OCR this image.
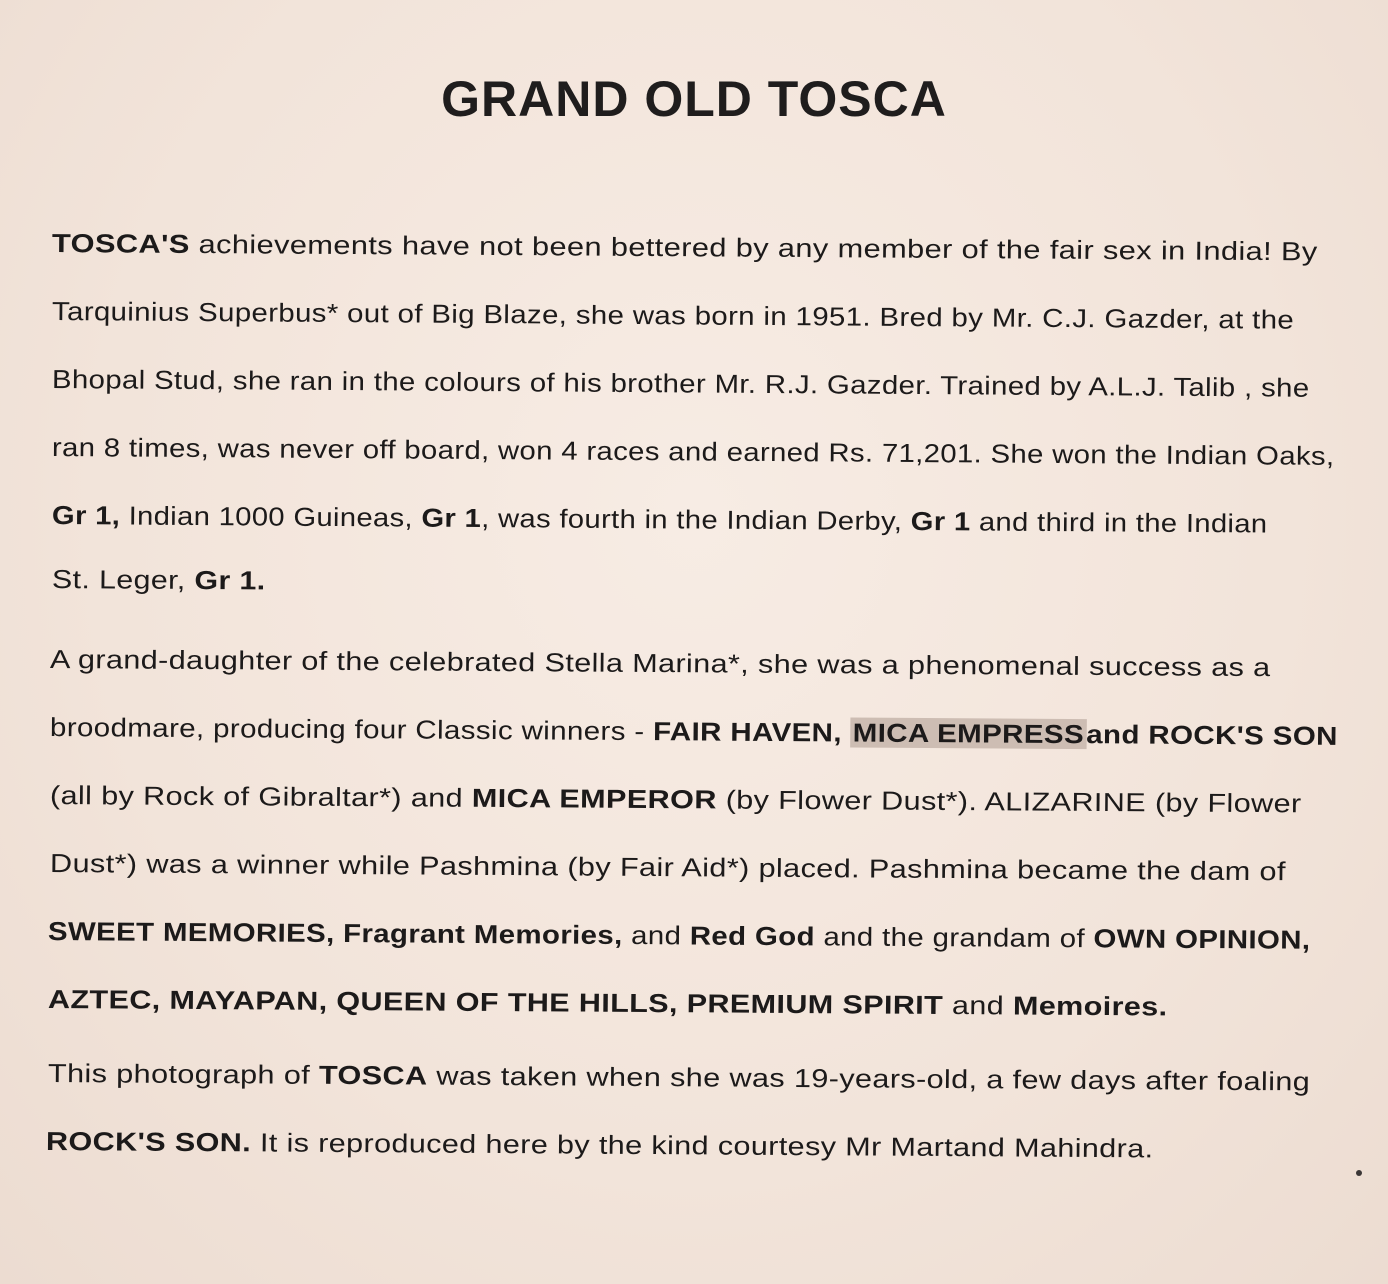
GRAND OLD TOSCA
TOSCA'S achievements have not been bettered by any member of the fair sex in India! By
Tarquinius Superbus* out of Big Blaze, she was born in 1951. Bred by Mr. C.J. Gazder, at the
Bhopal Stud, she ran in the colours of his brother Mr. R.J. Gazder. Trained by A.L.J. Talib , she
ran 8 times, was never off board, won 4 races and earned Rs. 71,201. She won the Indian Oaks,
Gr 1, Indian 1000 Guineas, Gr 1, was fourth in the Indian Derby, Gr 1 and third in the Indian
St. Leger, Gr 1.
A grand-daughter of the celebrated Stella Marina*, she was a phenomenal success as a
broodmare, producing four Classic winners - FAIR HAVEN, MICA EMPRESSand ROCK'S SON
(all by Rock of Gibraltar*) and MICA EMPEROR (by Flower Dust*). ALIZARINE (by Flower
Dust*) was a winner while Pashmina (by Fair Aid*) placed. Pashmina became the dam of
SWEET MEMORIES, Fragrant Memories, and Red God and the grandam of OWN OPINION,
AZTEC, MAYAPAN, QUEEN OF THE HILLS, PREMIUM SPIRIT and Memoires.
This photograph of TOSCA was taken when she was 19-years-old, a few days after foaling
ROCK'S SON. It is reproduced here by the kind courtesy Mr Martand Mahindra.
